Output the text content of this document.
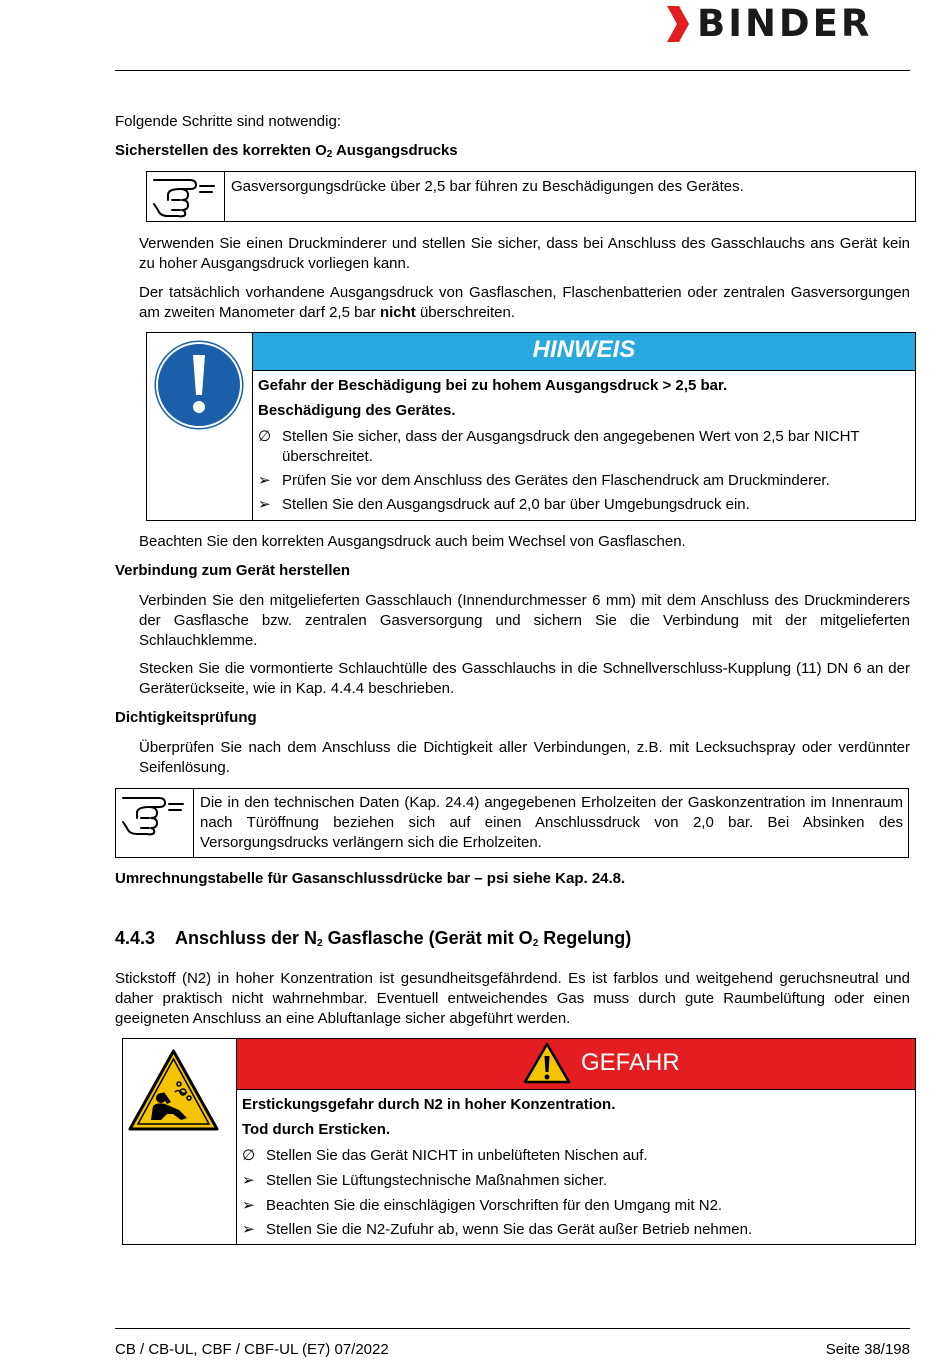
BINDER

Folgende Schritte sind notwendig:

Sicherstellen des korrekten $O_2$ Ausgangsdrucks

Gasversorgungsdrücke über 2,5 bar führen zu Beschädigungen des Gerätes.

Verwenden Sie einen Druckminderer und stellen Sie sicher, dass bei Anschluss des Gasschlauchs ans Gerät kein zu hoher Ausgangsdruck vorliegen kann.

Der tatsächlich vorhandene Ausgangsdruck von Gasflaschen, Flaschenbatterien oder zentralen Gasversorgungen am zweiten Manometer darf 2,5 bar nicht überschreiten.

HINWEIS

Gefahr der Beschädigung bei zu hohem Ausgangsdruck > 2,5 bar.

Beschädigung des Gerätes.

∅ Stellen Sie sicher, dass der Ausgangsdruck den angegebenen Wert von 2,5 bar NICHT überschreitet.
➢ Prüfen Sie vor dem Anschluss des Gerätes den Flaschendruck am Druckminderer.
➢ Stellen Sie den Ausgangsdruck auf 2,0 bar über Umgebungsdruck ein.

Beachten Sie den korrekten Ausgangsdruck auch beim Wechsel von Gasflaschen.

Verbindung zum Gerät herstellen

Verbinden Sie den mitgelieferten Gasschlauch (Innendurchmesser 6 mm) mit dem Anschluss des Druckminderers der Gasflasche bzw. zentralen Gasversorgung und sichern Sie die Verbindung mit der mitgelieferten Schlauchklemme.

Stecken Sie die vormontierte Schlauchtülle des Gasschlauchs in die Schnellverschluss-Kupplung (11) DN 6 an der Geräterückseite, wie in Kap. 4.4.4 beschrieben.

Dichtigkeitsprüfung

Überprüfen Sie nach dem Anschluss die Dichtigkeit aller Verbindungen, z.B. mit Lecksuchspray oder verdünnter Seifenlösung.

Die in den technischen Daten (Kap. 24.4) angegebenen Erholzeiten der Gaskonzentration im Innenraum nach Türöffnung beziehen sich auf einen Anschlussdruck von 2,0 bar. Bei Absinken des Versorgungsdrucks verlängern sich die Erholzeiten.

Umrechnungstabelle für Gasanschlussdrücke bar – psi siehe Kap. 24.8.

4.4.3 Anschluss der $N_2$ Gasflasche (Gerät mit $O_2$ Regelung)

Stickstoff (N2) in hoher Konzentration ist gesundheitsgefährdend. Es ist farblos und weitgehend geruchsneutral und daher praktisch nicht wahrnehmbar. Eventuell entweichendes Gas muss durch gute Raumbelüftung oder einen geeigneten Anschluss an eine Abluftanlage sicher abgeführt werden.

GEFAHR

Erstickungsgefahr durch N2 in hoher Konzentration.

Tod durch Ersticken.

∅ Stellen Sie das Gerät NICHT in unbelüfteten Nischen auf.
➢ Stellen Sie Lüftungstechnische Maßnahmen sicher.
➢ Beachten Sie die einschlägigen Vorschriften für den Umgang mit N2.
➢ Stellen Sie die N2-Zufuhr ab, wenn Sie das Gerät außer Betrieb nehmen.

CB / CB-UL, CBF / CBF-UL (E7) 07/2022	Seite 38/198
